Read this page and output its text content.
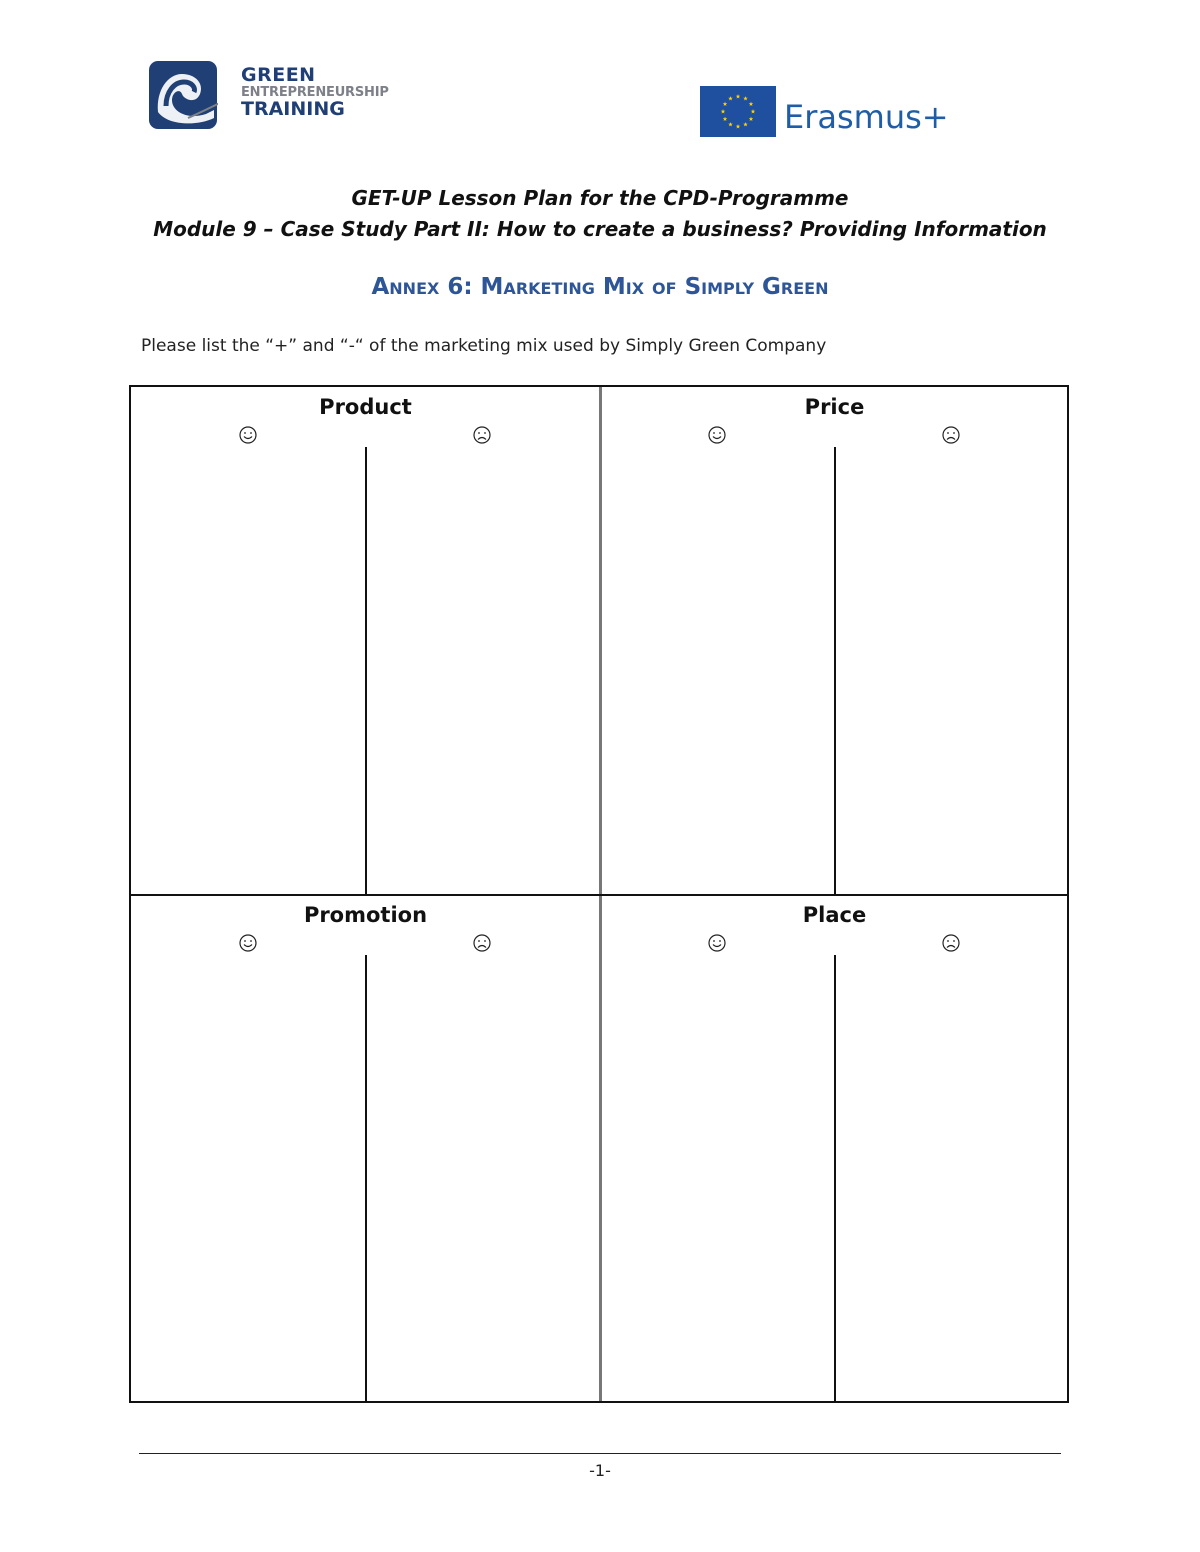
GREEN
ENTREPRENEURSHIP
TRAINING	Erasmus+
GET-UP Lesson Plan for the CPD-Programme
Module 9 – Case Study Part II: How to create a business? Providing Information
Annex 6: Marketing Mix of Simply Green
Please list the “+” and “-“ of the marketing mix used by Simply Green Company
Product	Price
Promotion	Place
-1-
